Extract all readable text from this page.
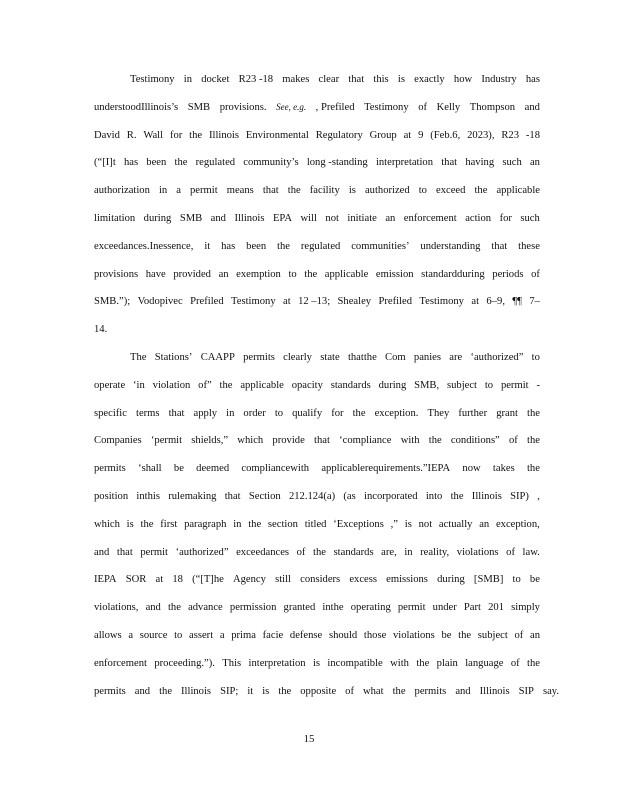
Testimony in docket R23 -18 makes clear that this is exactly how Industry has
understoodIllinois’s SMB provisions. See, e.g. , Prefiled Testimony of Kelly Thompson and
David R. Wall for the Illinois Environmental Regulatory Group at 9 (Feb.6, 2023), R23 -18
(“[I]t has been the regulated community’s long -standing interpretation that having such an
authorization in a permit means that the facility is authorized to exceed the applicable
limitation during SMB and Illinois EPA will not initiate an enforcement action for such
exceedances.Inessence, it has been the regulated communities’ understanding that these
provisions have provided an exemption to the applicable emission standardduring periods of
SMB.”); Vodopivec Prefiled Testimony at 12 –13; Shealey Prefiled Testimony at 6–9, ¶¶ 7–
14.
The Stations’ CAAPP permits clearly state thatthe Com panies are ‘authorized” to
operate ‘in violation of” the applicable opacity standards during SMB, subject to permit -
specific terms that apply in order to qualify for the exception. They further grant the
Companies ‘permit shields,” which provide that ‘compliance with the conditions” of the
permits ‘shall be deemed compliancewith applicablerequirements.”IEPA now takes the
position inthis rulemaking that Section 212.124(a) (as incorporated into the Illinois SIP) ,
which is the first paragraph in the section titled ‘Exceptions ,” is not actually an exception,
and that permit ‘authorized” exceedances of the standards are, in reality, violations of law.
IEPA SOR at 18 (“[T]he Agency still considers excess emissions during [SMB] to be
violations, and the advance permission granted inthe operating permit under Part 201 simply
allows a source to assert a prima facie defense should those violations be the subject of an
enforcement proceeding.”). This interpretation is incompatible with the plain language of the
permits and the Illinois SIP; it is the opposite of what the permits and Illinois SIP say.
15
